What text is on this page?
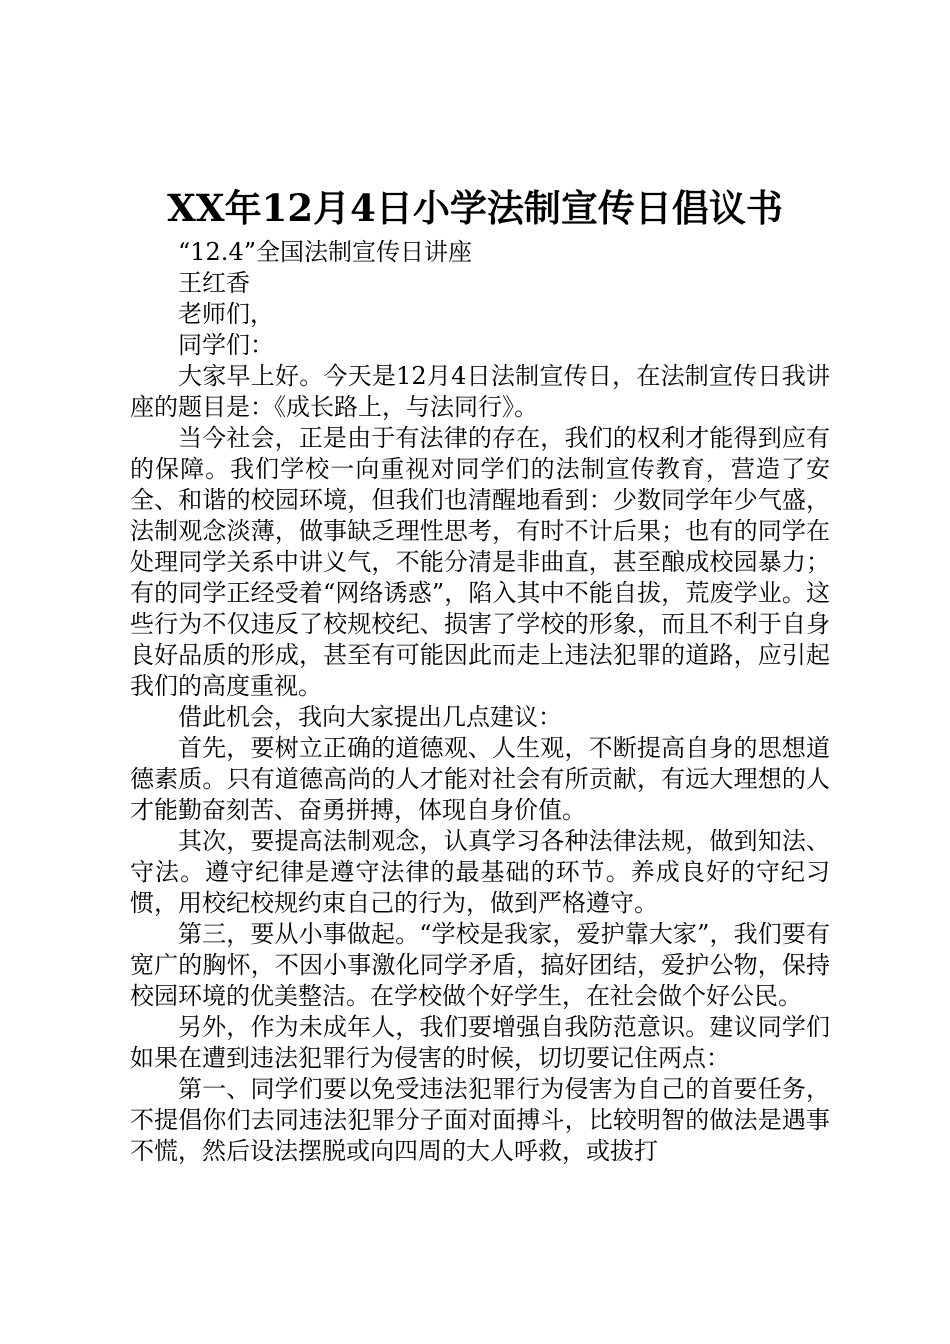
XX年12月4日小学法制宣传日倡议书

“12.4”全国法制宣传日讲座

王红香

老师们，

同学们：

大家早上好。今天是12月4日法制宣传日，在法制宣传日我讲座的题目是：《成长路上，与法同行》。

当今社会，正是由于有法律的存在，我们的权利才能得到应有的保障。我们学校一向重视对同学们的法制宣传教育，营造了安全、和谐的校园环境，但我们也清醒地看到：少数同学年少气盛，法制观念淡薄，做事缺乏理性思考，有时不计后果；也有的同学在处理同学关系中讲义气，不能分清是非曲直，甚至酿成校园暴力；有的同学正经受着“网络诱惑”，陷入其中不能自拔，荒废学业。这些行为不仅违反了校规校纪、损害了学校的形象，而且不利于自身良好品质的形成，甚至有可能因此而走上违法犯罪的道路，应引起我们的高度重视。

借此机会，我向大家提出几点建议：

首先，要树立正确的道德观、人生观，不断提高自身的思想道德素质。只有道德高尚的人才能对社会有所贡献，有远大理想的人才能勤奋刻苦、奋勇拼搏，体现自身价值。

其次，要提高法制观念，认真学习各种法律法规，做到知法、守法。遵守纪律是遵守法律的最基础的环节。养成良好的守纪习惯，用校纪校规约束自己的行为，做到严格遵守。

第三，要从小事做起。“学校是我家，爱护靠大家”，我们要有宽广的胸怀，不因小事激化同学矛盾，搞好团结，爱护公物，保持校园环境的优美整洁。在学校做个好学生，在社会做个好公民。

另外，作为未成年人，我们要增强自我防范意识。建议同学们如果在遭到违法犯罪行为侵害的时候，切切要记住两点：

第一、同学们要以免受违法犯罪行为侵害为自己的首要任务，不提倡你们去同违法犯罪分子面对面搏斗，比较明智的做法是遇事不慌，然后设法摆脱或向四周的大人呼救，或拔打
